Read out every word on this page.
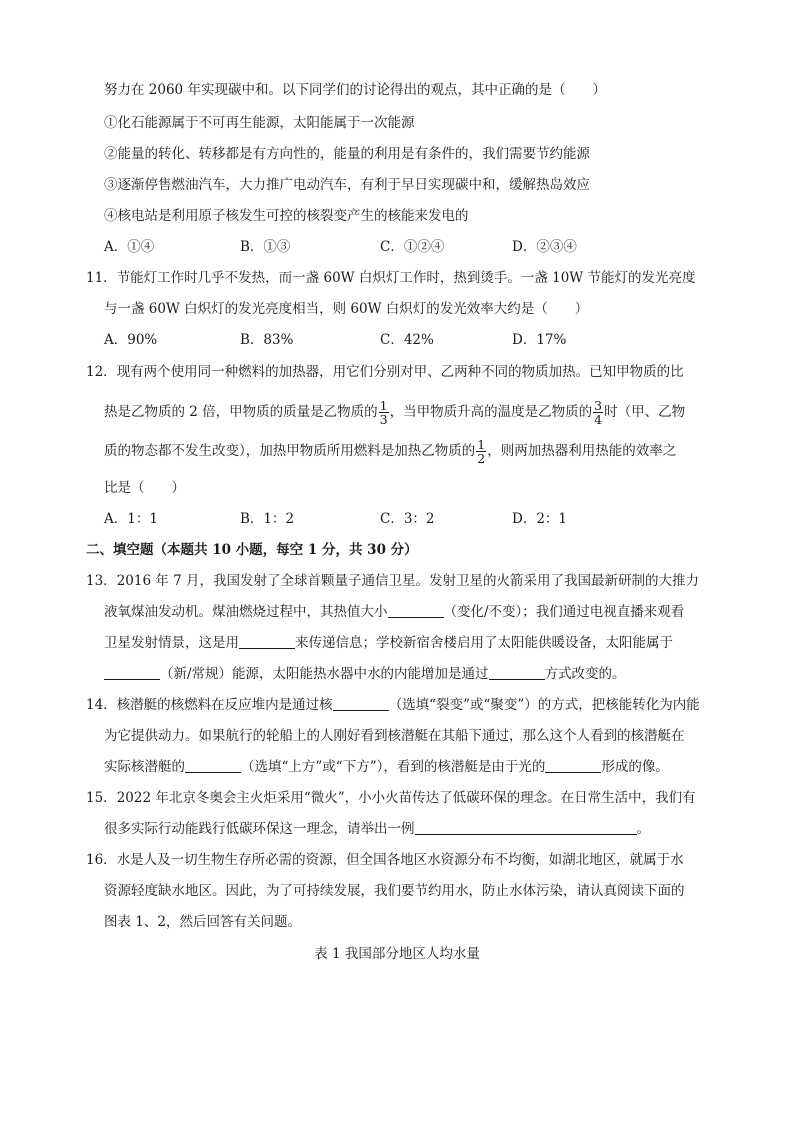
努力在 2060 年实现碳中和。以下同学们的讨论得出的观点，其中正确的是（　　）
①化石能源属于不可再生能源，太阳能属于一次能源
②能量的转化、转移都是有方向性的，能量的利用是有条件的，我们需要节约能源
③逐渐停售燃油汽车，大力推广电动汽车，有利于早日实现碳中和，缓解热岛效应
④核电站是利用原子核发生可控的核裂变产生的核能来发电的
A．①④	B．①③	C．①②④	D．②③④
11．节能灯工作时几乎不发热，而一盏 60W 白炽灯工作时，热到烫手。一盏 10W 节能灯的发光亮度
与一盏 60W 白炽灯的发光亮度相当，则 60W 白炽灯的发光效率大约是（　　）
A．90%	B．83%	C．42%	D．17%
12．现有两个使用同一种燃料的加热器，用它们分别对甲、乙两种不同的物质加热。已知甲物质的比
热是乙物质的 2 倍，甲物质的质量是乙物质的 $\frac{1}{3}$ ，当甲物质升高的温度是乙物质的 $\frac{3}{4}$ 时（甲、乙物
质的物态都不发生改变），加热甲物质所用燃料是加热乙物质的 $\frac{1}{2}$ ，则两加热器利用热能的效率之
比是（　　）
A．1：1	B．1：2	C．3：2	D．2：1
二、填空题（本题共 10 小题，每空 1 分，共 30 分）
13．2016 年 7 月，我国发射了全球首颗量子通信卫星。发射卫星的火箭采用了我国最新研制的大推力
液氧煤油发动机。煤油燃烧过程中，其热值大小	（变化/不变）；我们通过电视直播来观看
卫星发射情景，这是用	来传递信息；学校新宿舍楼启用了太阳能供暖设备，太阳能属于
（新/常规）能源，太阳能热水器中水的内能增加是通过	方式改变的。
14．核潜艇的核燃料在反应堆内是通过核	（选填“裂变”或“聚变”）的方式，把核能转化为内能
为它提供动力。如果航行的轮船上的人刚好看到核潜艇在其船下通过，那么这个人看到的核潜艇在
实际核潜艇的	（选填“上方”或“下方”），看到的核潜艇是由于光的	形成的像。
15．2022 年北京冬奥会主火炬采用“微火”，小小火苗传达了低碳环保的理念。在日常生活中，我们有
很多实际行动能践行低碳环保这一理念，请举出一例	。
16．水是人及一切生物生存所必需的资源，但全国各地区水资源分布不均衡，如湖北地区，就属于水
资源轻度缺水地区。因此，为了可持续发展，我们要节约用水，防止水体污染，请认真阅读下面的
图表 1、2，然后回答有关问题。
表 1 我国部分地区人均水量
